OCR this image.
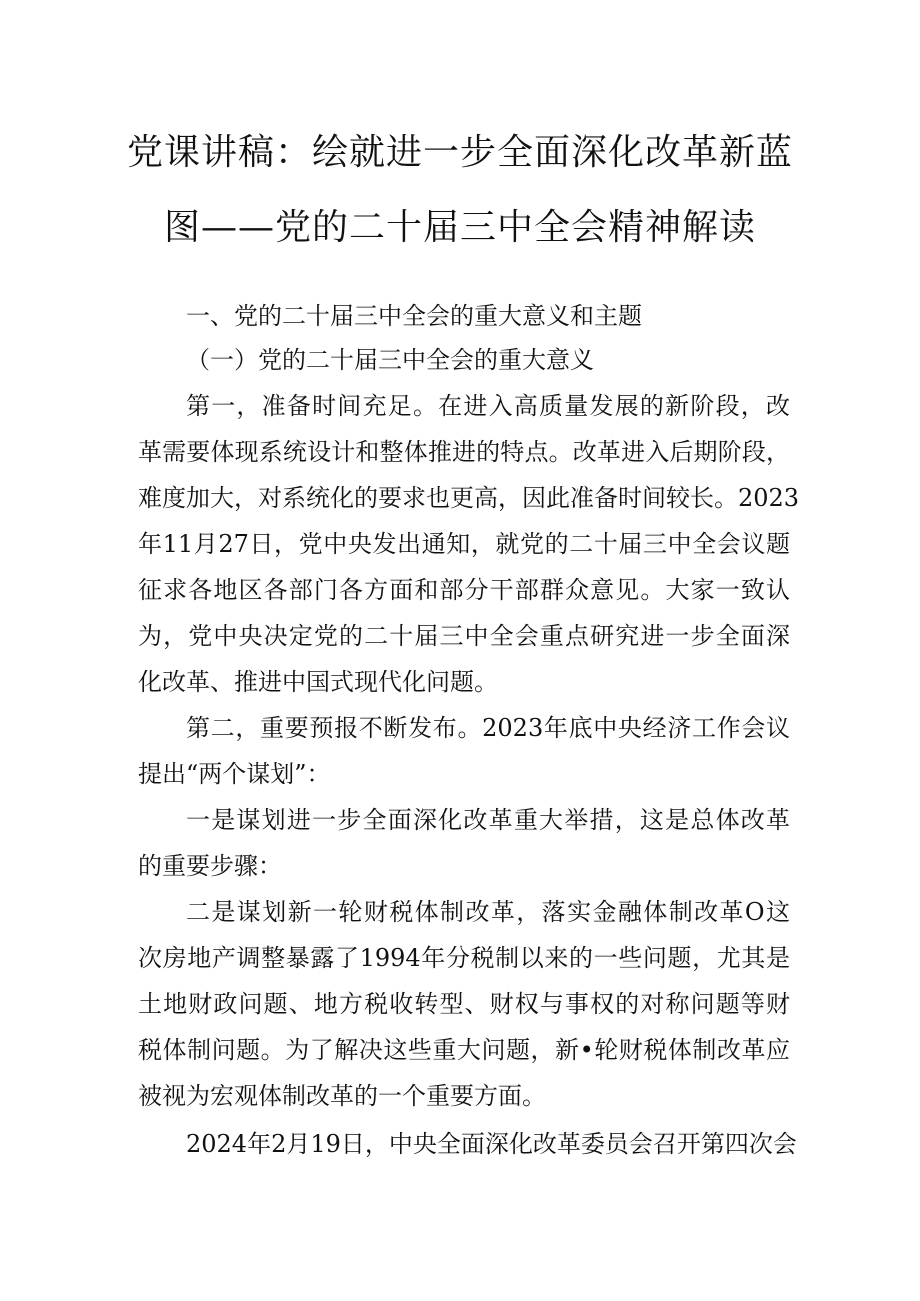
党课讲稿：绘就进一步全面深化改革新蓝
图——党的二十届三中全会精神解读
一、党的二十届三中全会的重大意义和主题
（一）党的二十届三中全会的重大意义
第一，准备时间充足。在进入高质量发展的新阶段，改
革需要体现系统设计和整体推进的特点。改革进入后期阶段，
难度加大，对系统化的要求也更高，因此准备时间较长。2023
年11月27日，党中央发出通知，就党的二十届三中全会议题
征求各地区各部门各方面和部分干部群众意见。大家一致认
为，党中央决定党的二十届三中全会重点研究进一步全面深
化改革、推进中国式现代化问题。
第二，重要预报不断发布。2023年底中央经济工作会议
提出“两个谋划”：
一是谋划进一步全面深化改革重大举措，这是总体改革
的重要步骤：
二是谋划新一轮财税体制改革，落实金融体制改革O这
次房地产调整暴露了1994年分税制以来的一些问题，尤其是
土地财政问题、地方税收转型、财权与事权的对称问题等财
税体制问题。为了解决这些重大问题，新•轮财税体制改革应
被视为宏观体制改革的一个重要方面。
2024年2月19日，中央全面深化改革委员会召开第四次会
